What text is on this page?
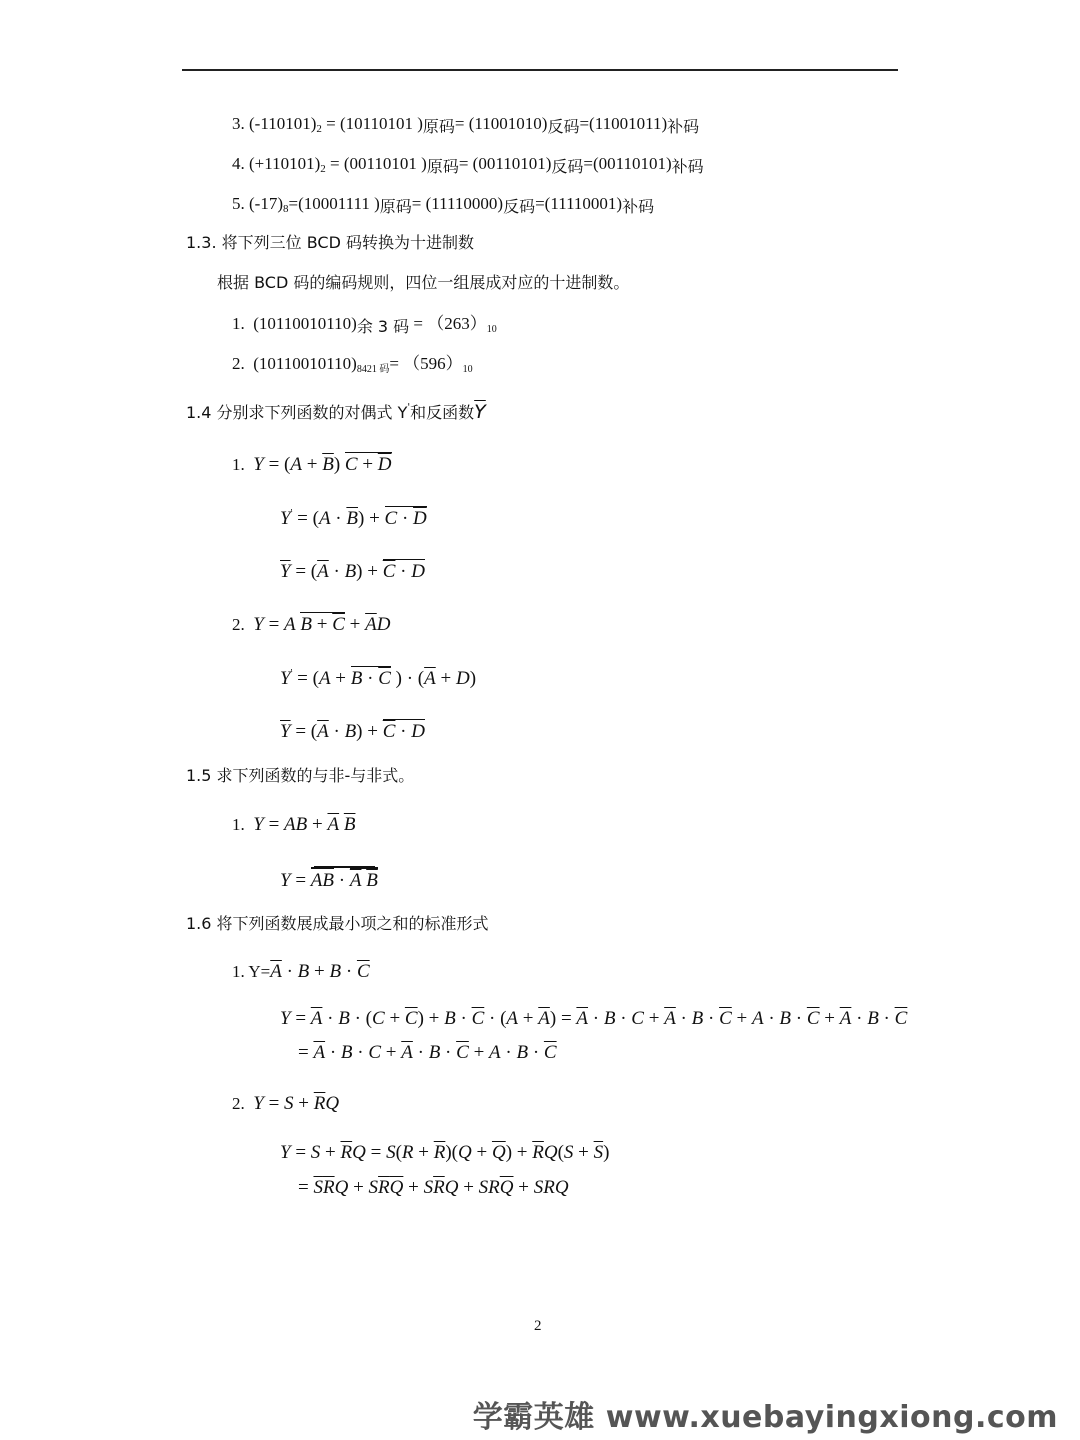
3. (-110101)2 = (10110101 )原码= (11001010)反码=(11001011)补码
4. (+110101)2 = (00110101 )原码= (00110101)反码=(00110101)补码
5. (-17)8=(10001111 )原码= (11110000)反码=(11110001)补码
1.3. 将下列三位 BCD 码转换为十进制数
根据 BCD 码的编码规则，四位一组展成对应的十进制数。
1. (10110010110)余 3 码 = （263）10
2. (10110010110)8421 码= （596）10
1.4 分别求下列函数的对偶式 Y'和反函数$\overline{Y}$
1. $Y = (A + \overline{B})$ $C + \overline{D}$
$Y' = (A \cdot \overline{B}) + C \cdot \overline{D}$
$\overline{Y} = (\overline{A} \cdot B) + \overline{C} \cdot D$
2. Y = A $B + \overline{C} + \overline{A}D$
$Y' = (A + B \cdot \overline{C}$ ) · $(\overline{A} + D)$
$\overline{Y} = (\overline{A} \cdot B) + \overline{C} \cdot D$
1.5 求下列函数的与非-与非式。
1. Y = AB + $\overline{A}$ $\overline{B}$
Y = AB · $\overline{A}$ $\overline{B}$
1.6 将下列函数展成最小项之和的标准形式
1. $Y=\overline{A} \cdot B + B \cdot \overline{C}$
$Y = \overline{A} \cdot B \cdot (C + \overline{C}) + B \cdot \overline{C} \cdot (A + \overline{A}) = \overline{A} \cdot B \cdot C + \overline{A} \cdot B \cdot \overline{C} + A \cdot B \cdot \overline{C} + \overline{A} \cdot B \cdot \overline{C}$
= $\overline{A} \cdot B \cdot C + \overline{A} \cdot B \cdot \overline{C} + A \cdot B \cdot \overline{C}$
2. $Y = S + \overline{R}Q$
$Y = S + \overline{R}Q = S(R + \overline{R})(Q + \overline{Q}) + \overline{R}Q(S + \overline{S})$
= $\overline{S}\overline{R}Q + S\overline{R}\overline{Q} + S\overline{R}Q + SR\overline{Q}$ + SRQ
2
学霸英雄 www.xuebayingxiong.com
